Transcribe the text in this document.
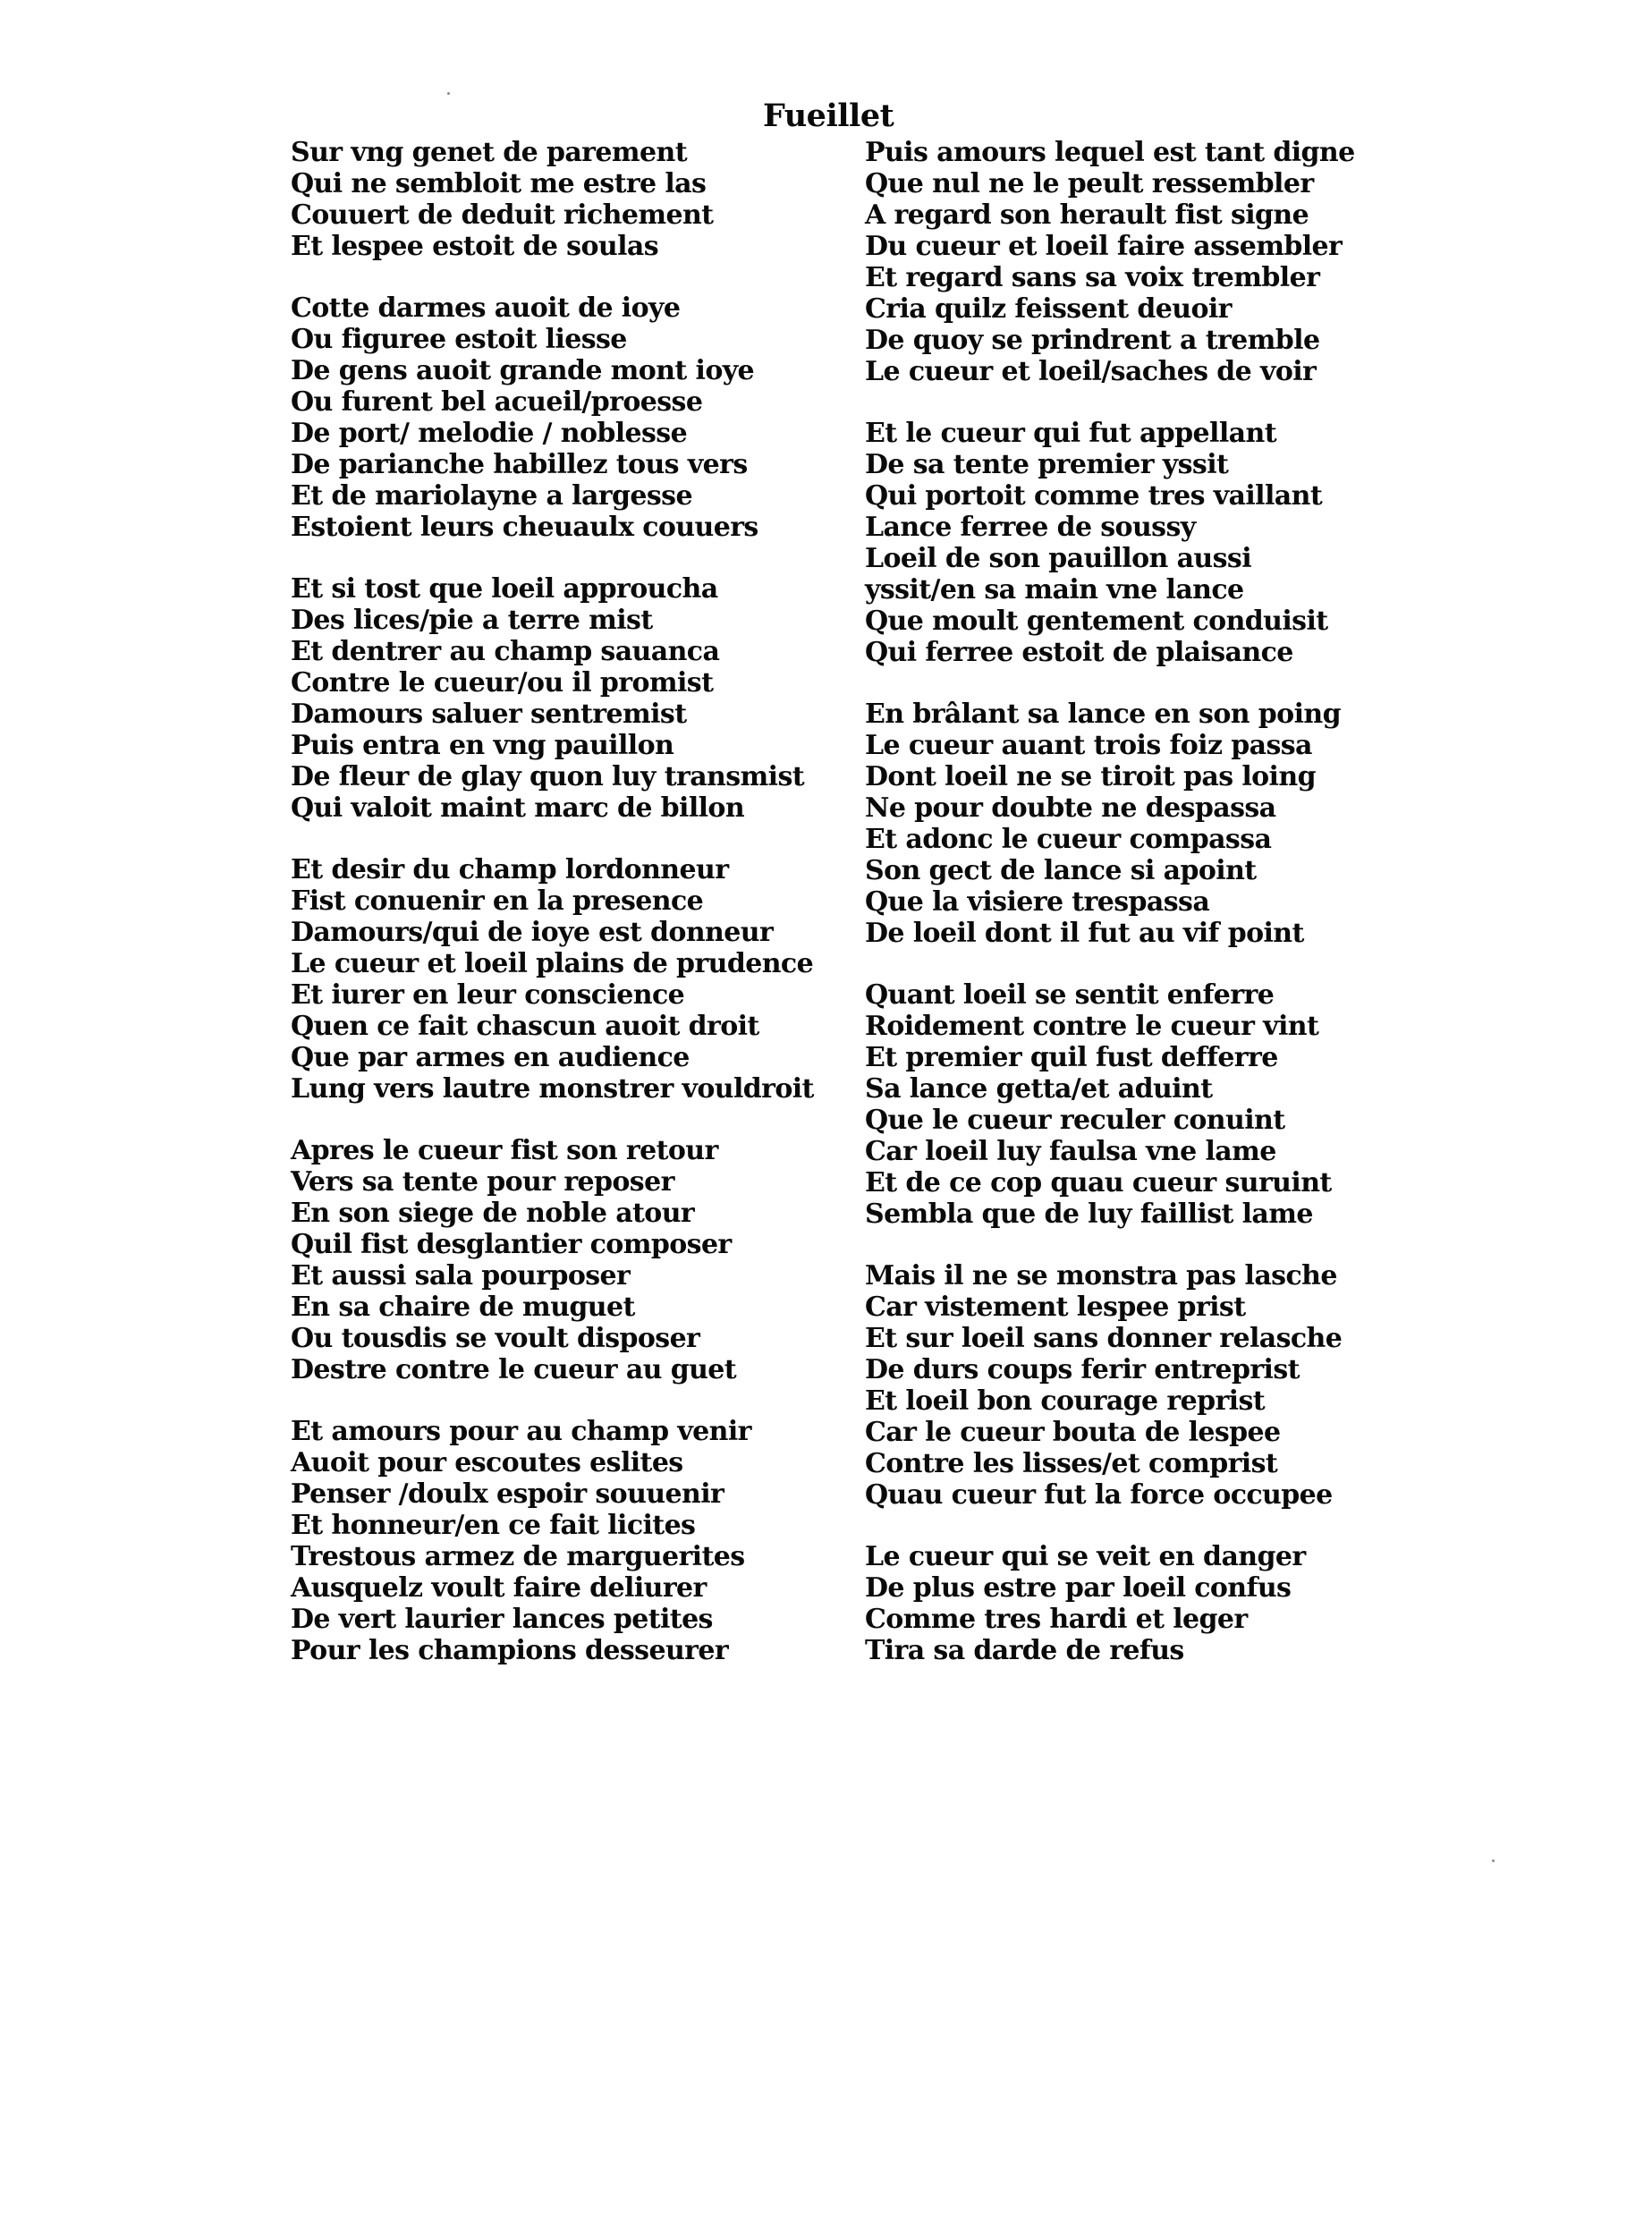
Fueillet
Sur vng genet de parement
Qui ne sembloit me estre las
Couuert de deduit richement
Et lespee estoit de soulas
Cotte darmes auoit de ioye
Ou figuree estoit liesse
De gens auoit grande mont ioye
Ou furent bel acueil/proesse
De port/ melodie / noblesse
De parianche habillez tous vers
Et de mariolayne a largesse
Estoient leurs cheuaulx couuers
Et si tost que loeil approucha
Des lices/pie a terre mist
Et dentrer au champ sauanca
Contre le cueur/ou il promist
Damours saluer sentremist
Puis entra en vng pauillon
De fleur de glay quon luy transmist
Qui valoit maint marc de billon
Et desir du champ lordonneur
Fist conuenir en la presence
Damours/qui de ioye est donneur
Le cueur et loeil plains de prudence
Et iurer en leur conscience
Quen ce fait chascun auoit droit
Que par armes en audience
Lung vers lautre monstrer vouldroit
Apres le cueur fist son retour
Vers sa tente pour reposer
En son siege de noble atour
Quil fist desglantier composer
Et aussi sala pourposer
En sa chaire de muguet
Ou tousdis se voult disposer
Destre contre le cueur au guet
Et amours pour au champ venir
Auoit pour escoutes eslites
Penser /doulx espoir souuenir
Et honneur/en ce fait licites
Trestous armez de marguerites
Ausquelz voult faire deliurer
De vert laurier lances petites
Pour les champions desseurer
Puis amours lequel est tant digne
Que nul ne le peult ressembler
A regard son herault fist signe
Du cueur et loeil faire assembler
Et regard sans sa voix trembler
Cria quilz feissent deuoir
De quoy se prindrent a tremble
Le cueur et loeil/saches de voir
Et le cueur qui fut appellant
De sa tente premier yssit
Qui portoit comme tres vaillant
Lance ferree de soussy
Loeil de son pauillon aussi
yssit/en sa main vne lance
Que moult gentement conduisit
Qui ferree estoit de plaisance
En brâlant sa lance en son poing
Le cueur auant trois foiz passa
Dont loeil ne se tiroit pas loing
Ne pour doubte ne despassa
Et adonc le cueur compassa
Son gect de lance si apoint
Que la visiere trespassa
De loeil dont il fut au vif point
Quant loeil se sentit enferre
Roidement contre le cueur vint
Et premier quil fust defferre
Sa lance getta/et aduint
Que le cueur reculer conuint
Car loeil luy faulsa vne lame
Et de ce cop quau cueur suruint
Sembla que de luy faillist lame
Mais il ne se monstra pas lasche
Car vistement lespee prist
Et sur loeil sans donner relasche
De durs coups ferir entreprist
Et loeil bon courage reprist
Car le cueur bouta de lespee
Contre les lisses/et comprist
Quau cueur fut la force occupee
Le cueur qui se veit en danger
De plus estre par loeil confus
Comme tres hardi et leger
Tira sa darde de refus
